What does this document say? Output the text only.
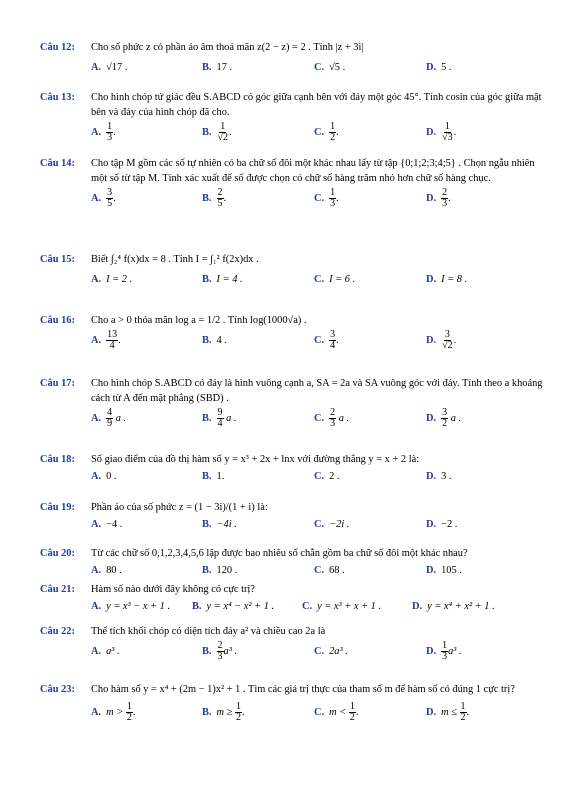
Câu 12: Cho số phức z có phần ảo âm thoả mãn z(2 − z) = 2 . Tính |z + 3i|
A. √17 .	B. 17 .	C. √5 .	D. 5 .
Câu 13: Cho hình chóp tứ giác đều S.ABCD có góc giữa cạnh bên với đáy một góc 45°. Tính cosin của góc giữa mặt bên và đáy của hình chóp đã cho.
A. $\frac{1}{3}$ .	B. $\frac{1}{√2}$ .	C. $\frac{1}{2}$ .	D. $\frac{1}{√3}$ .
Câu 14: Cho tập M gồm các số tự nhiên có ba chữ số đôi một khác nhau lấy từ tập {0;1;2;3;4;5} . Chọn ngẫu nhiên một số từ tập M. Tính xác xuất để số được chọn có chữ số hàng trăm nhỏ hơn chữ số hàng chục.
A. $\frac{3}{5}$ .	B. $\frac{2}{5}$ .	C. $\frac{1}{3}$ .	D. $\frac{2}{3}$ .
Câu 15: Biết ∫₂⁴ f(x)dx = 8 . Tính I = ∫₁² f(2x)dx .
A. I = 2 .	B. I = 4 .	C. I = 6 .	D. I = 8 .
Câu 16: Cho a > 0 thỏa mãn log a = 1/2 . Tính log(1000√a) .
A. $\frac{13}{4}$ .	B. 4 .	C. $\frac{3}{4}$ .	D. $\frac{3}{√2}$ .
Câu 17: Cho hình chóp S.ABCD có đáy là hình vuông cạnh a, SA = 2a và SA vuông góc với đáy. Tính theo a khoảng cách từ A đến mặt phẳng (SBD) .
A. $\frac{4}{9}$
a .	B. $\frac{9}{4}$
a .	C. $\frac{2}{3}$
a .	D. $\frac{3}{2}$
a .
Câu 18: Số giao điểm của đồ thị hàm số y = x³ + 2x + lnx với đường thẳng y = x + 2 là:
A. 0 .	B. 1.	C. 2 .	D. 3 .
Câu 19: Phần ảo của số phức z = (1 − 3i)/(1 + i) là:
A. −4 .	B. −4i .	C. −2i .	D. −2 .
Câu 20: Từ các chữ số 0,1,2,3,4,5,6 lập được bao nhiêu số chẵn gồm ba chữ số đôi một khác nhau?
A. 80 .	B. 120 .	C. 68 .	D. 105 .
Câu 21: Hàm số nào dưới đây không có cực trị?
A. y = x³ − x + 1 . B. y = x⁴ − x² + 1 .	C. y = x³ + x + 1 .	D. y = x⁴ + x² + 1 .
Câu 22: Thể tích khối chóp có diện tích đáy a² và chiều cao 2a là
A. a³ .	B. $\frac{2}{3} a^3$ .	C. 2a³ .	D. $\frac{1}{3} a^3$ .
Câu 23: Cho hàm số y = x⁴ + (2m − 1)x² + 1 . Tìm các giá trị thực của tham số m để hàm số có đúng 1 cực trị?
A. m >
$\frac{1}{2}$ .	B. m ≥
$\frac{1}{2}$ .	C. m <
$\frac{1}{2}$ .	D. m ≤
$\frac{1}{2}$ .
